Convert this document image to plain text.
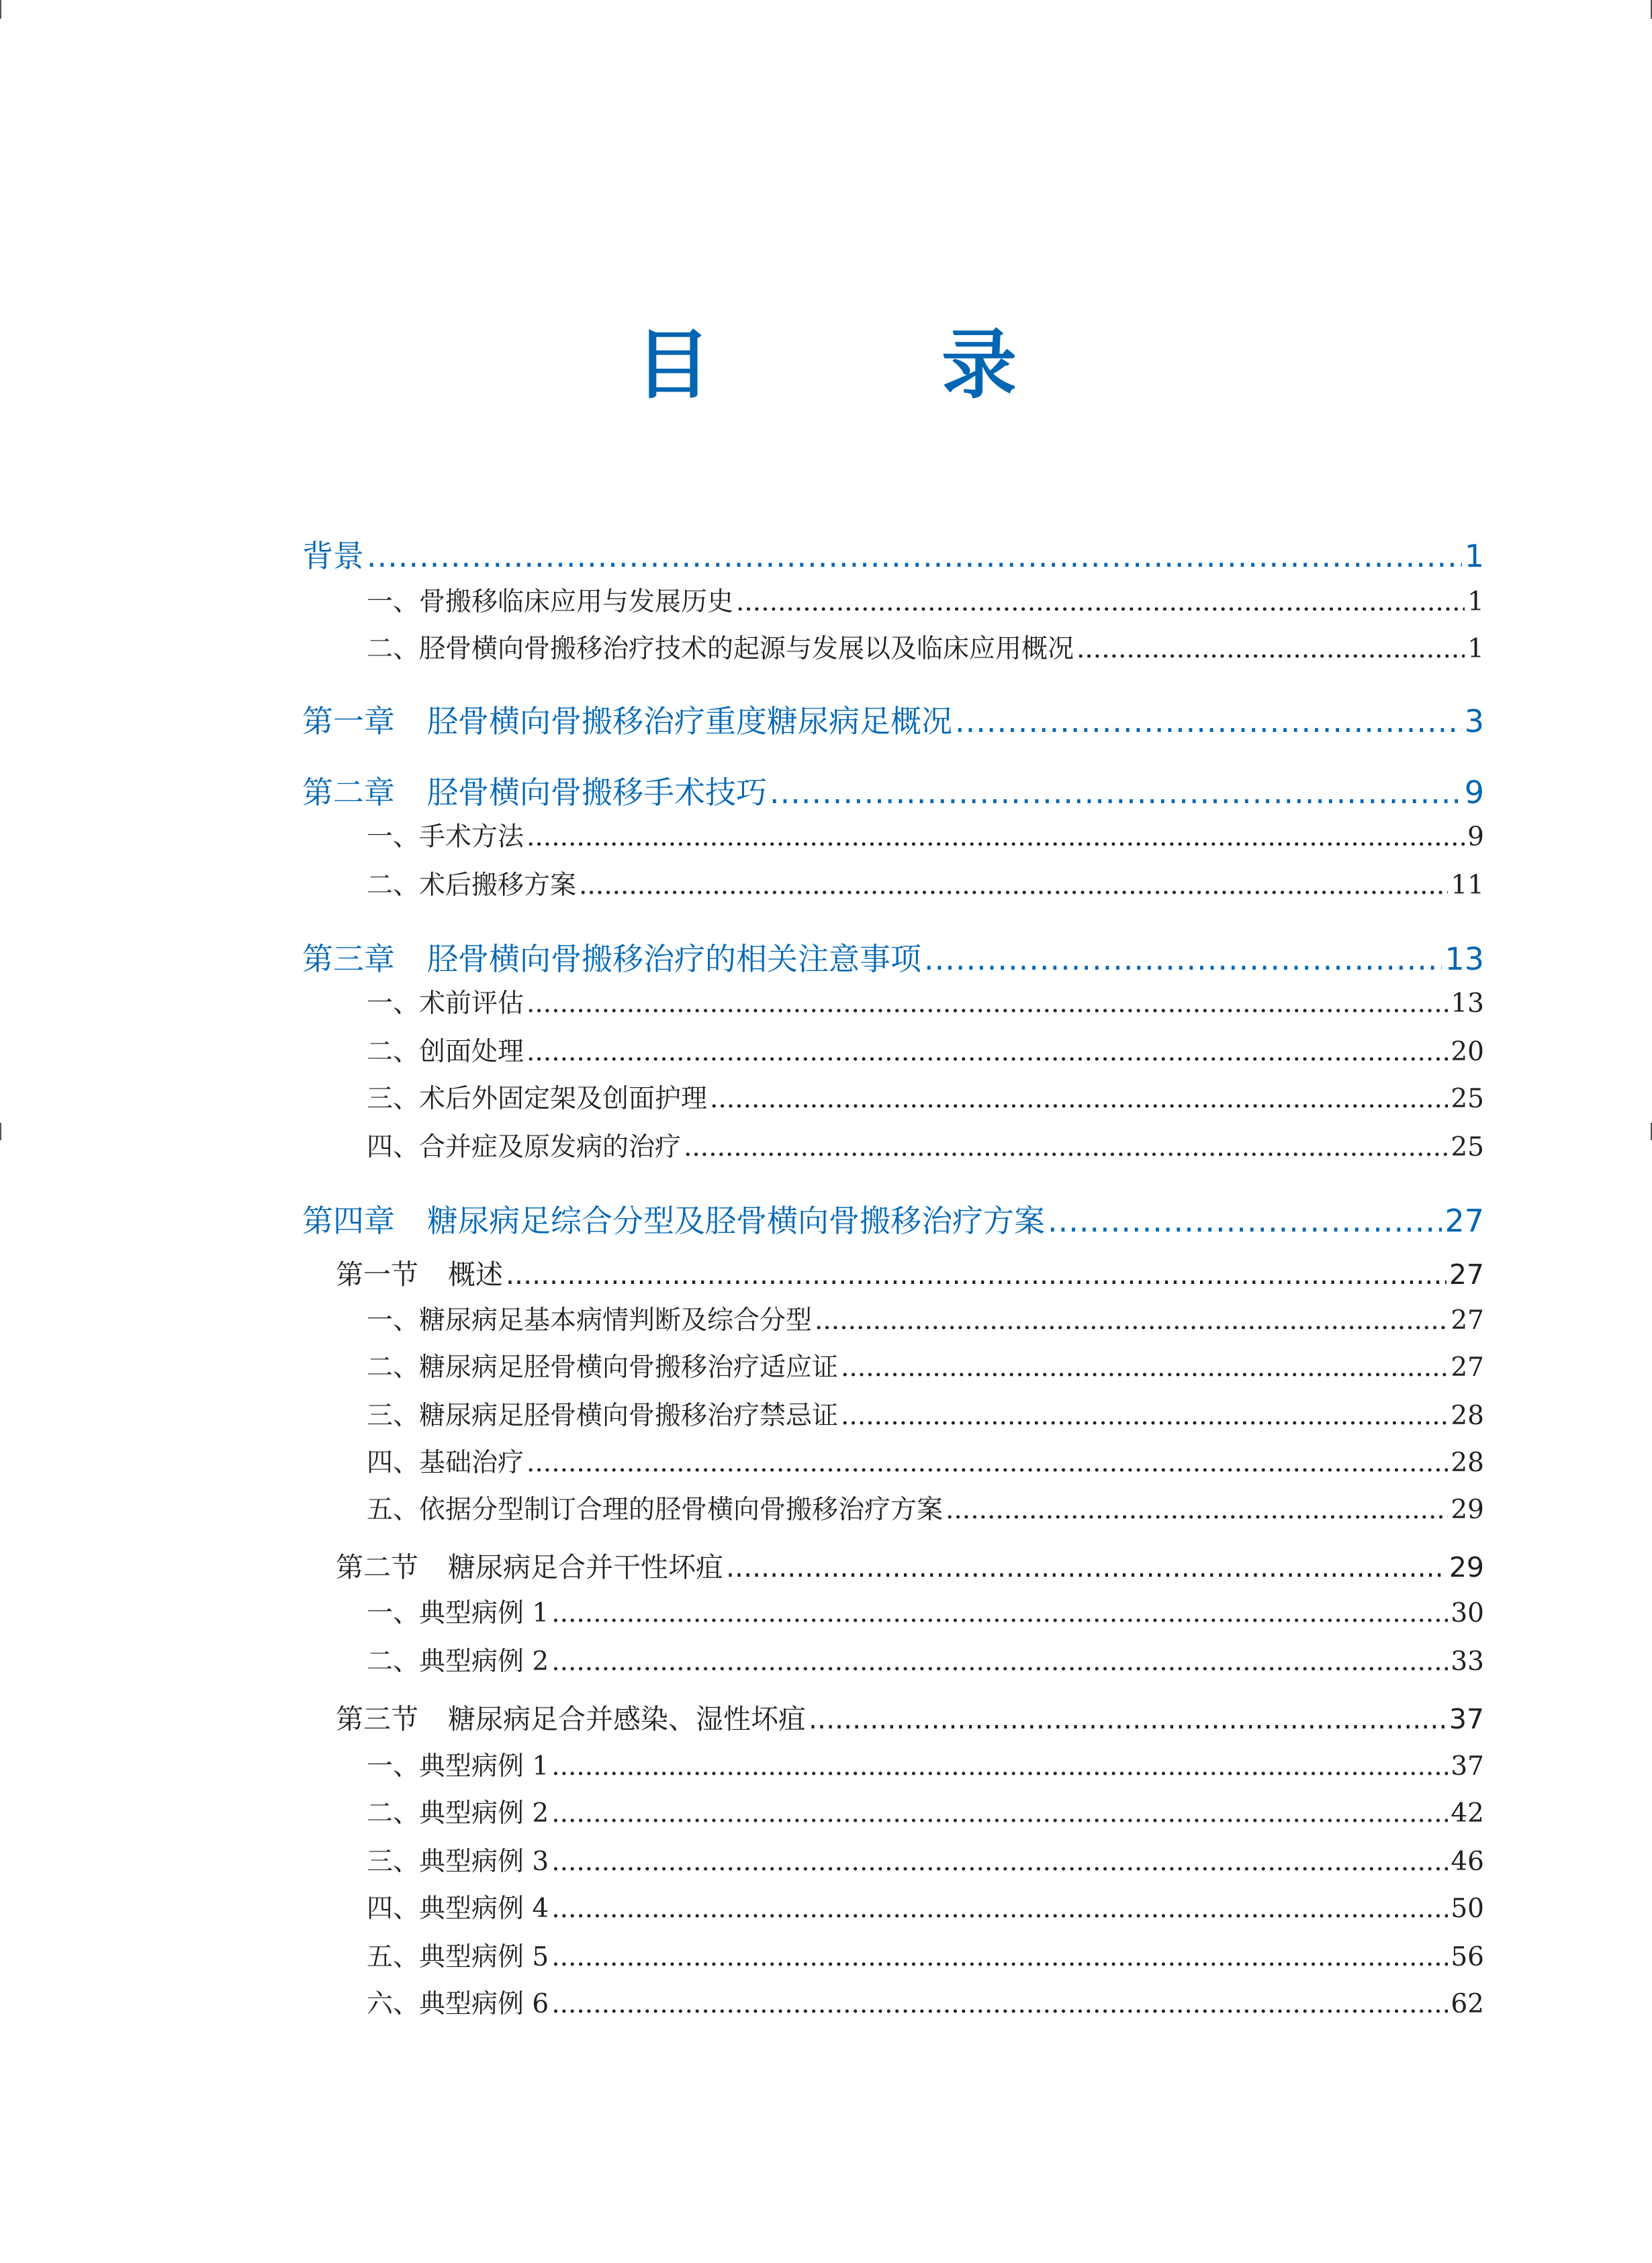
目　录
背景 .....	1
一、骨搬移临床应用与发展历史 .....	1
二、胫骨横向骨搬移治疗技术的起源与发展以及临床应用概况 .....	1
第一章 胫骨横向骨搬移治疗重度糖尿病足概况 .....	3
第二章 胫骨横向骨搬移手术技巧 .....	9
一、手术方法 .....	9
二、术后搬移方案 .....	11
第三章 胫骨横向骨搬移治疗的相关注意事项 .....	13
一、术前评估 .....	13
二、创面处理 .....	20
三、术后外固定架及创面护理 .....	25
四、合并症及原发病的治疗 .....	25
第四章 糖尿病足综合分型及胫骨横向骨搬移治疗方案 .....	27
第一节 概述 .....	27
一、糖尿病足基本病情判断及综合分型 .....	27
二、糖尿病足胫骨横向骨搬移治疗适应证 .....	27
三、糖尿病足胫骨横向骨搬移治疗禁忌证 .....	28
四、基础治疗 .....	28
五、依据分型制订合理的胫骨横向骨搬移治疗方案 .....	29
第二节 糖尿病足合并干性坏疽 .....	29
一、典型病例 1 .....	30
二、典型病例 2 .....	33
第三节 糖尿病足合并感染、湿性坏疽 .....	37
一、典型病例 1 .....	37
二、典型病例 2 .....	42
三、典型病例 3 .....	46
四、典型病例 4 .....	50
五、典型病例 5 .....	56
六、典型病例 6 .....	62
